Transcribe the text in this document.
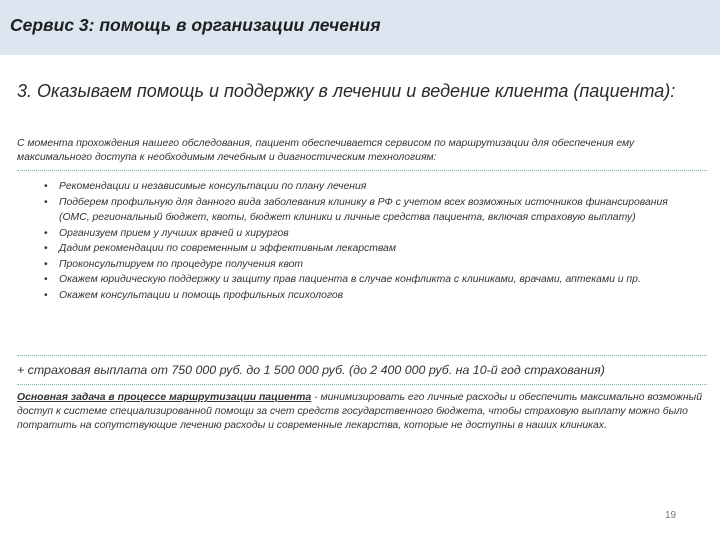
Сервис 3: помощь в организации лечения
3. Оказываем помощь и поддержку в лечении и ведение клиента (пациента):
С момента прохождения нашего обследования, пациент обеспечивается сервисом по маршрутизации для обеспечения ему максимального доступа к необходимым лечебным и диагностическим технологиям:
• Рекомендации и независимые консультации по плану лечения
• Подберем профильную для данного вида заболевания клинику в РФ с учетом всех возможных источников финансирования (ОМС, региональный бюджет, квоты, бюджет клиники и личные средства пациента, включая страховую выплату)
• Организуем прием у лучших врачей и хирургов
• Дадим рекомендации по современным и эффективным лекарствам
• Проконсультируем по процедуре получения квот
• Окажем юридическую поддержку и защиту прав пациента в случае конфликта с клиниками, врачами, аптеками и пр.
• Окажем консультации и помощь профильных психологов
+ страховая выплата от 750 000 руб. до 1 500 000 руб. (до 2 400 000 руб. на 10-й год страхования)
Основная задача в процессе маршрутизации пациента - минимизировать его личные расходы и обеспечить максимально возможный доступ к системе специализированной помощи за счет средств государственного бюджета, чтобы страховую выплату можно было потратить на сопутствующие лечению расходы и современные лекарства, которые не доступны в наших клиниках.
19
